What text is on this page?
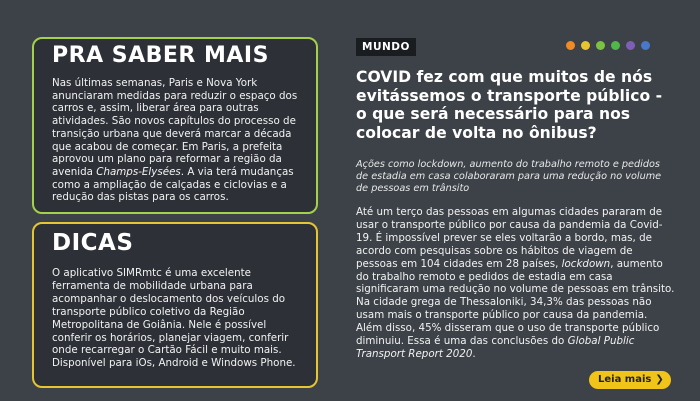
PRA SABER MAIS

Nas últimas semanas, Paris e Nova York anunciaram medidas para reduzir o espaço dos carros e, assim, liberar área para outras atividades. São novos capítulos do processo de transição urbana que deverá marcar a década que acabou de começar. Em Paris, a prefeita aprovou um plano para reformar a região da avenida Champs-Elysées. A via terá mudanças como a ampliação de calçadas e ciclovias e a redução das pistas para os carros.

DICAS

O aplicativo SIMRmtc é uma excelente ferramenta de mobilidade urbana para acompanhar o deslocamento dos veículos do transporte público coletivo da Região Metropolitana de Goiânia. Nele é possível conferir os horários, planejar viagem, conferir onde recarregar o Cartão Fácil e muito mais. Disponível para iOs, Android e Windows Phone.

MUNDO
COVID fez com que muitos de nós evitássemos o transporte público - o que será necessário para nos colocar de volta no ônibus?

Ações como lockdown, aumento do trabalho remoto e pedidos de estadia em casa colaboraram para uma redução no volume de pessoas em trânsito

Até um terço das pessoas em algumas cidades pararam de usar o transporte público por causa da pandemia da Covid-19. É impossível prever se eles voltarão a bordo, mas, de acordo com pesquisas sobre os hábitos de viagem de pessoas em 104 cidades em 28 países, lockdown, aumento do trabalho remoto e pedidos de estadia em casa significaram uma redução no volume de pessoas em trânsito. Na cidade grega de Thessaloniki, 34,3% das pessoas não usam mais o transporte público por causa da pandemia. Além disso, 45% disseram que o uso de transporte público diminuiu. Essa é uma das conclusões do Global Public Transport Report 2020.

Leia mais ❯
